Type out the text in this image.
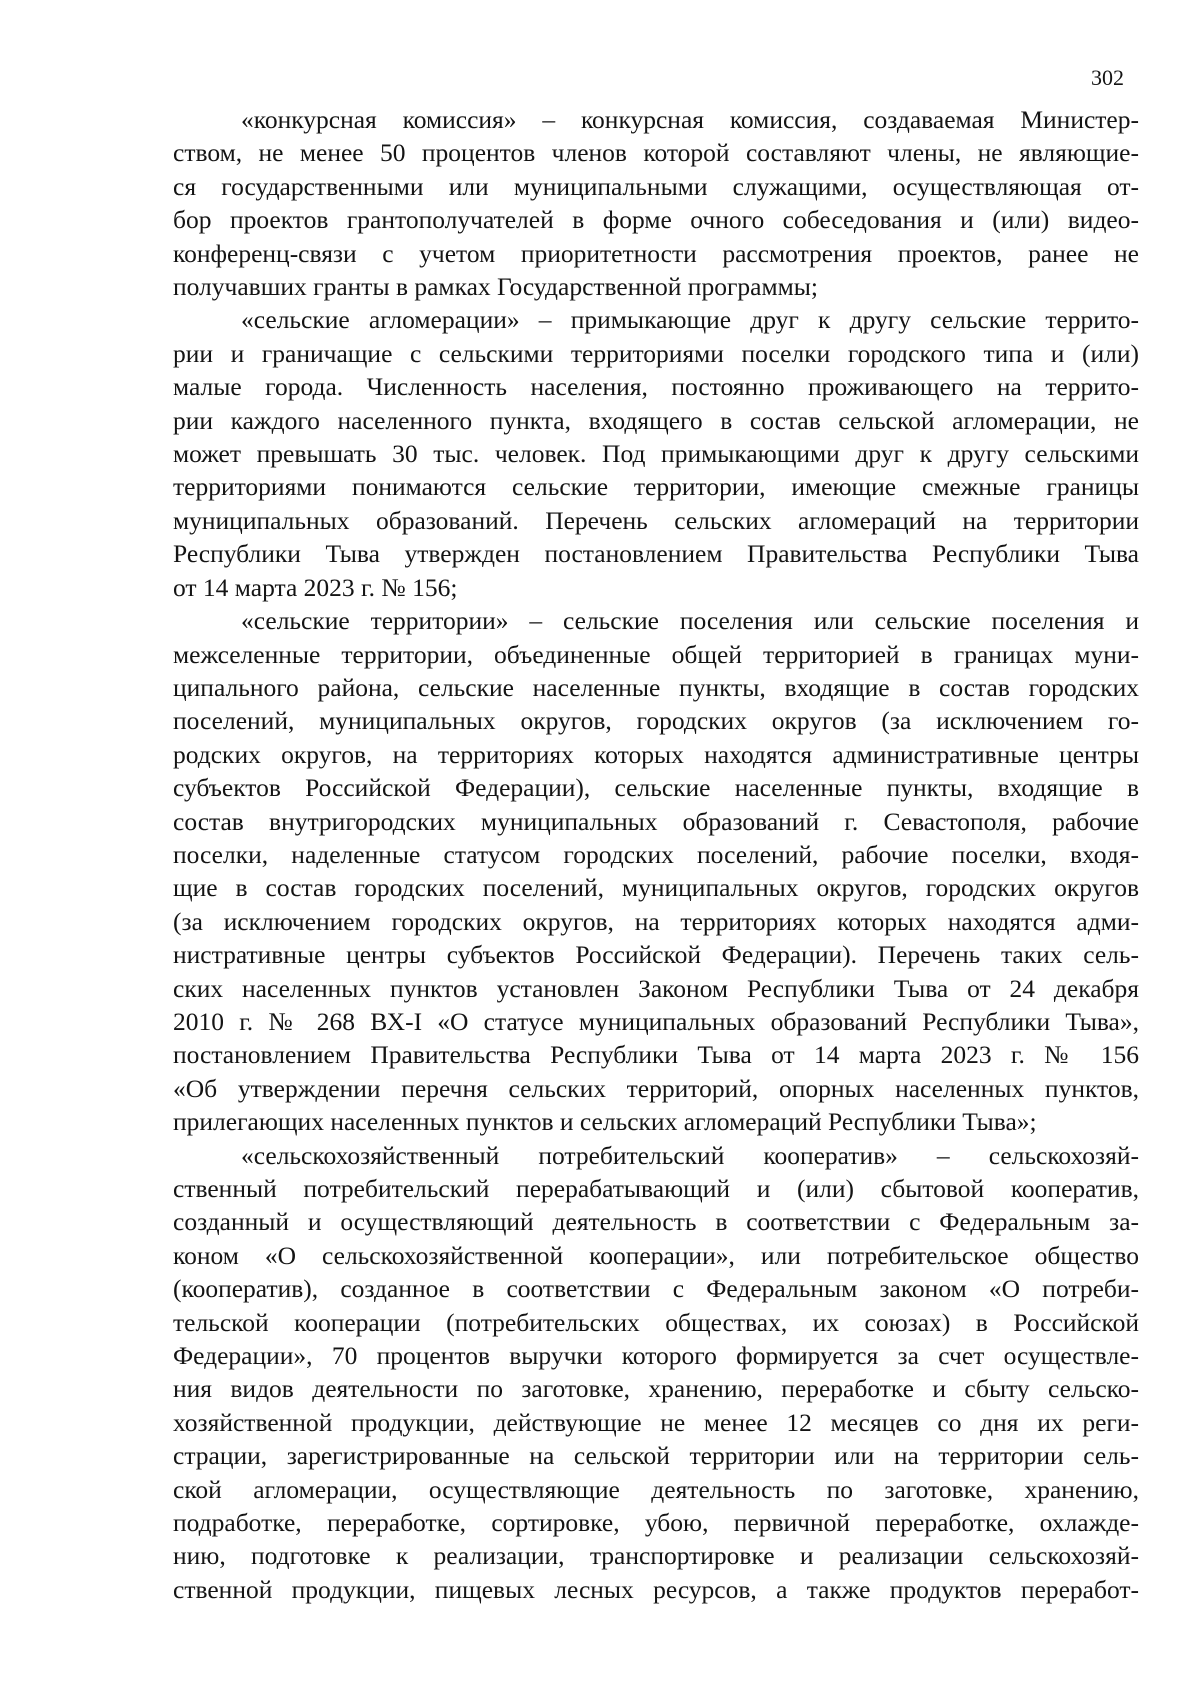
302

«конкурсная комиссия» – конкурсная комиссия, создаваемая Министер-
ством, не менее 50 процентов членов которой составляют члены, не являющие-
ся государственными или муниципальными служащими, осуществляющая от-
бор проектов грантополучателей в форме очного собеседования и (или) видео-
конференц-связи с учетом приоритетности рассмотрения проектов, ранее не
получавших гранты в рамках Государственной программы;

«сельские агломерации» – примыкающие друг к другу сельские террито-
рии и граничащие с сельскими территориями поселки городского типа и (или)
малые города. Численность населения, постоянно проживающего на террито-
рии каждого населенного пункта, входящего в состав сельской агломерации, не
может превышать 30 тыс. человек. Под примыкающими друг к другу сельскими
территориями понимаются сельские территории, имеющие смежные границы
муниципальных образований. Перечень сельских агломераций на территории
Республики Тыва утвержден постановлением Правительства Республики Тыва
от 14 марта 2023 г. № 156;

«сельские территории» – сельские поселения или сельские поселения и
межселенные территории, объединенные общей территорией в границах муни-
ципального района, сельские населенные пункты, входящие в состав городских
поселений, муниципальных округов, городских округов (за исключением го-
родских округов, на территориях которых находятся административные центры
субъектов Российской Федерации), сельские населенные пункты, входящие в
состав внутригородских муниципальных образований г. Севастополя, рабочие
поселки, наделенные статусом городских поселений, рабочие поселки, входя-
щие в состав городских поселений, муниципальных округов, городских округов
(за исключением городских округов, на территориях которых находятся адми-
нистративные центры субъектов Российской Федерации). Перечень таких сель-
ских населенных пунктов установлен Законом Республики Тыва от 24 декабря
2010 г. № 268 ВХ-I «О статусе муниципальных образований Республики Тыва»,
постановлением Правительства Республики Тыва от 14 марта 2023 г. № 156
«Об утверждении перечня сельских территорий, опорных населенных пунктов,
прилегающих населенных пунктов и сельских агломераций Республики Тыва»;

«сельскохозяйственный потребительский кооператив» – сельскохозяй-
ственный потребительский перерабатывающий и (или) сбытовой кооператив,
созданный и осуществляющий деятельность в соответствии с Федеральным за-
коном «О сельскохозяйственной кооперации», или потребительское общество
(кооператив), созданное в соответствии с Федеральным законом «О потреби-
тельской кооперации (потребительских обществах, их союзах) в Российской
Федерации», 70 процентов выручки которого формируется за счет осуществле-
ния видов деятельности по заготовке, хранению, переработке и сбыту сельско-
хозяйственной продукции, действующие не менее 12 месяцев со дня их реги-
страции, зарегистрированные на сельской территории или на территории сель-
ской агломерации, осуществляющие деятельность по заготовке, хранению,
подработке, переработке, сортировке, убою, первичной переработке, охлажде-
нию, подготовке к реализации, транспортировке и реализации сельскохозяй-
ственной продукции, пищевых лесных ресурсов, а также продуктов переработ-
